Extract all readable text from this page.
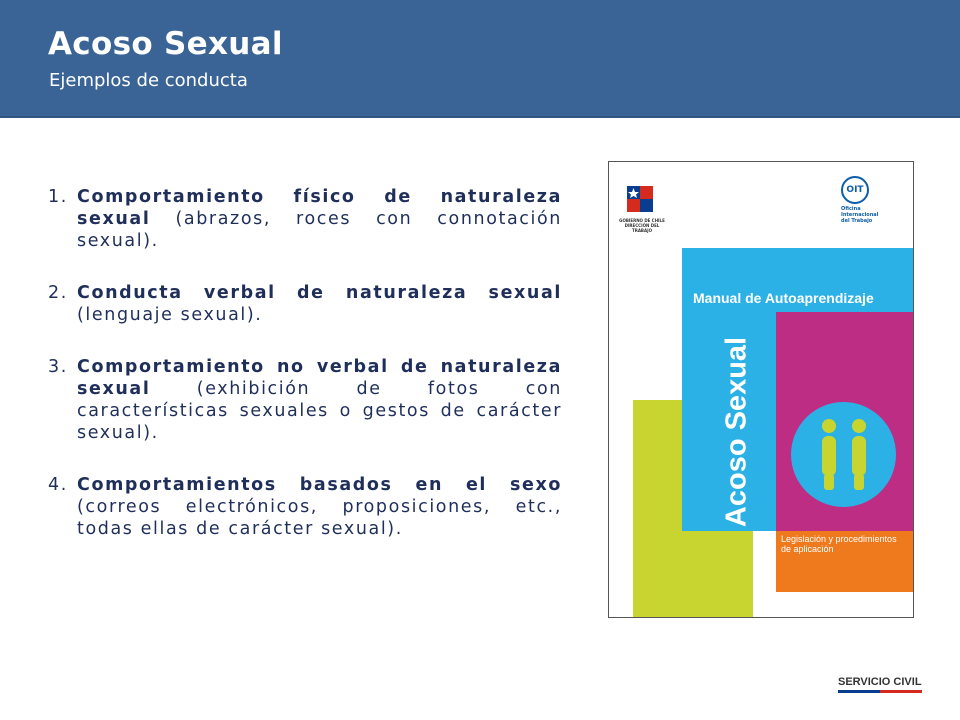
Acoso Sexual
Ejemplos de conducta
1. Comportamiento físico de naturaleza sexual (abrazos, roces con connotación sexual).
2. Conducta verbal de naturaleza sexual (lenguaje sexual).
3. Comportamiento no verbal de naturaleza sexual (exhibición de fotos con características sexuales o gestos de carácter sexual).
4. Comportamientos basados en el sexo (correos electrónicos, proposiciones, etc., todas ellas de carácter sexual).
GOBIERNO DE CHILE DIRECCIÓN DEL TRABAJO
OIT
Oficina Internacional del Trabajo
Manual de Autoaprendizaje
Acoso Sexual
Legislación y procedimientos de aplicación
SERVICIO CIVIL
